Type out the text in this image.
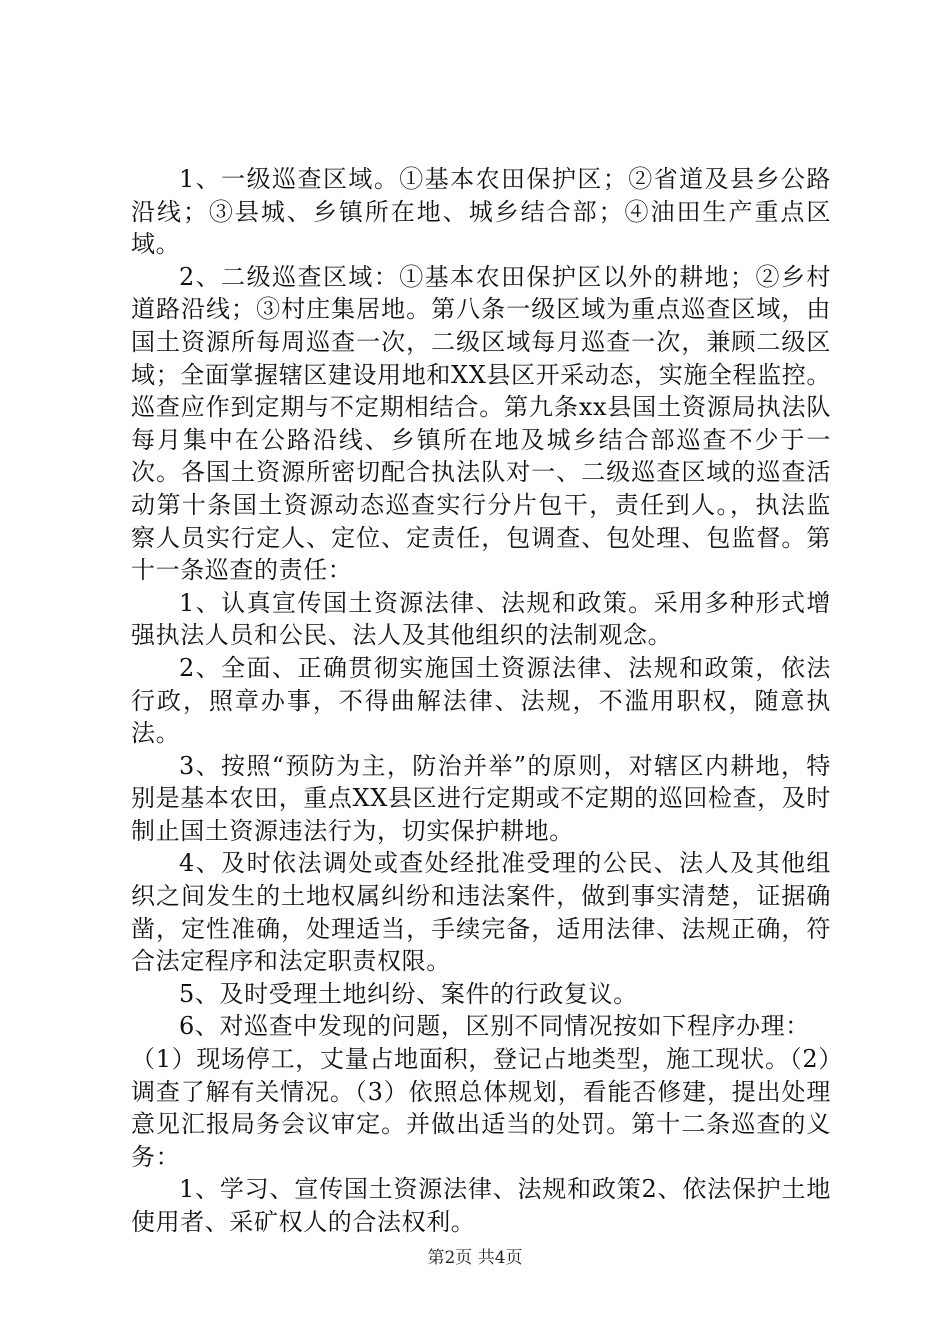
1、一级巡查区域。①基本农田保护区；②省道及县乡公路沿线；③县城、乡镇所在地、城乡结合部；④油田生产重点区域。

2、二级巡查区域：①基本农田保护区以外的耕地；②乡村道路沿线；③村庄集居地。第八条一级区域为重点巡查区域，由国土资源所每周巡查一次，二级区域每月巡查一次，兼顾二级区域；全面掌握辖区建设用地和XX县区开采动态，实施全程监控。巡查应作到定期与不定期相结合。第九条xx县国土资源局执法队每月集中在公路沿线、乡镇所在地及城乡结合部巡查不少于一次。各国土资源所密切配合执法队对一、二级巡查区域的巡查活动第十条国土资源动态巡查实行分片包干，责任到人。，执法监察人员实行定人、定位、定责任，包调查、包处理、包监督。第十一条巡查的责任：

1、认真宣传国土资源法律、法规和政策。采用多种形式增强执法人员和公民、法人及其他组织的法制观念。

2、全面、正确贯彻实施国土资源法律、法规和政策，依法行政，照章办事，不得曲解法律、法规，不滥用职权，随意执法。

3、按照“预防为主，防治并举”的原则，对辖区内耕地，特别是基本农田，重点XX县区进行定期或不定期的巡回检查，及时制止国土资源违法行为，切实保护耕地。

4、及时依法调处或查处经批准受理的公民、法人及其他组织之间发生的土地权属纠纷和违法案件，做到事实清楚，证据确凿，定性准确，处理适当，手续完备，适用法律、法规正确，符合法定程序和法定职责权限。

5、及时受理土地纠纷、案件的行政复议。

6、对巡查中发现的问题，区别不同情况按如下程序办理：

（1）现场停工，丈量占地面积，登记占地类型，施工现状。（2）调查了解有关情况。（3）依照总体规划，看能否修建，提出处理意见汇报局务会议审定。并做出适当的处罚。第十二条巡查的义务：

1、学习、宣传国土资源法律、法规和政策2、依法保护土地使用者、采矿权人的合法权利。

第2页 共4页
